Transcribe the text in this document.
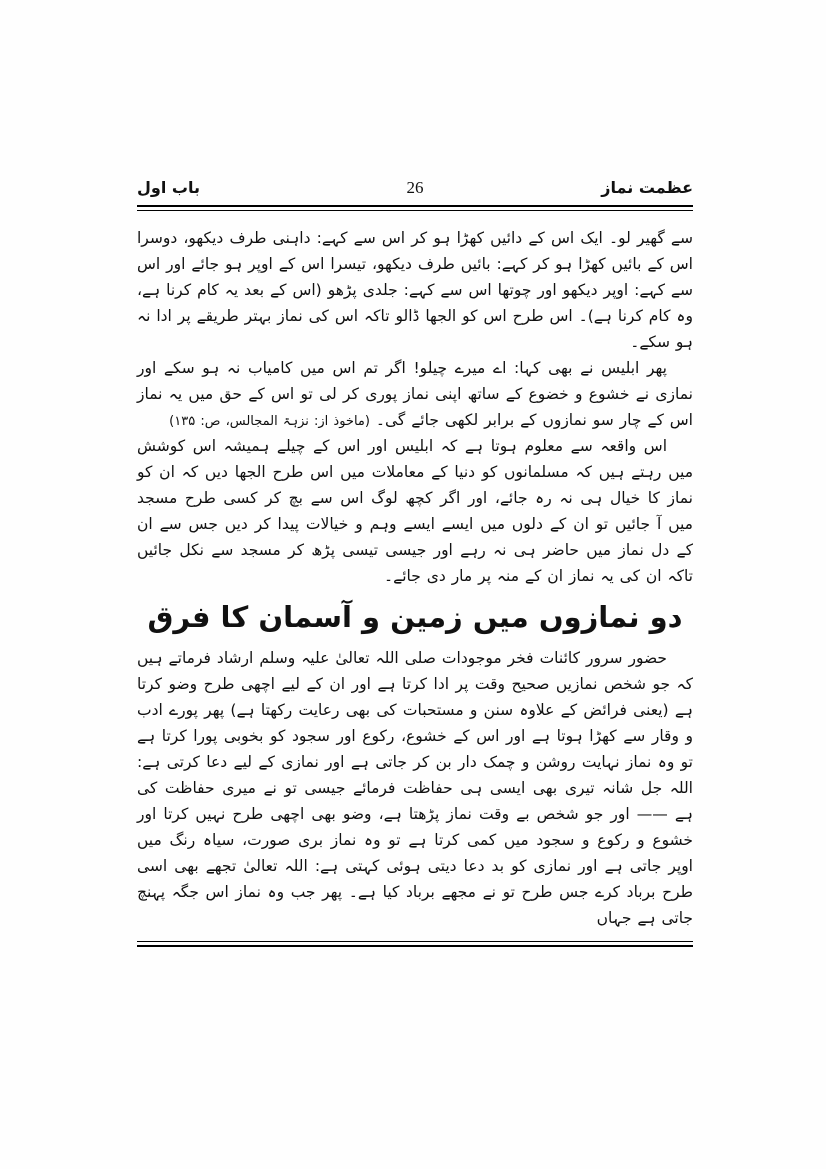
عظمت نماز
26
باب اول

سے گھیر لو۔ ایک اس کے دائیں کھڑا ہو کر اس سے کہے: داہنی طرف دیکھو، دوسرا اس کے بائیں کھڑا ہو کر کہے: بائیں طرف دیکھو، تیسرا اس کے اوپر ہو جائے اور اس سے کہے: اوپر دیکھو اور چوتھا اس سے کہے: جلدی پڑھو (اس کے بعد یہ کام کرنا ہے، وہ کام کرنا ہے)۔ اس طرح اس کو الجھا ڈالو تاکہ اس کی نماز بہتر طریقے پر ادا نہ ہو سکے۔

پھر ابلیس نے بھی کہا: اے میرے چیلو! اگر تم اس میں کامیاب نہ ہو سکے اور نمازی نے خشوع و خضوع کے ساتھ اپنی نماز پوری کر لی تو اس کے حق میں یہ نماز اس کے چار سو نمازوں کے برابر لکھی جائے گی۔ (ماخوذ از: نزہۃ المجالس، ص: ۱۳۵)

اس واقعہ سے معلوم ہوتا ہے کہ ابلیس اور اس کے چیلے ہمیشہ اس کوشش میں رہتے ہیں کہ مسلمانوں کو دنیا کے معاملات میں اس طرح الجھا دیں کہ ان کو نماز کا خیال ہی نہ رہ جائے، اور اگر کچھ لوگ اس سے بچ کر کسی طرح مسجد میں آ جائیں تو ان کے دلوں میں ایسے ایسے وہم و خیالات پیدا کر دیں جس سے ان کے دل نماز میں حاضر ہی نہ رہے اور جیسی تیسی پڑھ کر مسجد سے نکل جائیں تاکہ ان کی یہ نماز ان کے منہ پر مار دی جائے۔

دو نمازوں میں زمین و آسمان کا فرق

حضور سرور کائنات فخر موجودات صلی اللہ تعالیٰ علیہ وسلم ارشاد فرماتے ہیں کہ جو شخص نمازیں صحیح وقت پر ادا کرتا ہے اور ان کے لیے اچھی طرح وضو کرتا ہے (یعنی فرائض کے علاوہ سنن و مستحبات کی بھی رعایت رکھتا ہے) پھر پورے ادب و وقار سے کھڑا ہوتا ہے اور اس کے خشوع، رکوع اور سجود کو بخوبی پورا کرتا ہے تو وہ نماز نہایت روشن و چمک دار بن کر جاتی ہے اور نمازی کے لیے دعا کرتی ہے: اللہ جل شانہ تیری بھی ایسی ہی حفاظت فرمائے جیسی تو نے میری حفاظت کی ہے —— اور جو شخص بے وقت نماز پڑھتا ہے، وضو بھی اچھی طرح نہیں کرتا اور خشوع و رکوع و سجود میں کمی کرتا ہے تو وہ نماز بری صورت، سیاہ رنگ میں اوپر جاتی ہے اور نمازی کو بد دعا دیتی ہوئی کہتی ہے: اللہ تعالیٰ تجھے بھی اسی طرح برباد کرے جس طرح تو نے مجھے برباد کیا ہے۔ پھر جب وہ نماز اس جگہ پہنچ جاتی ہے جہاں
